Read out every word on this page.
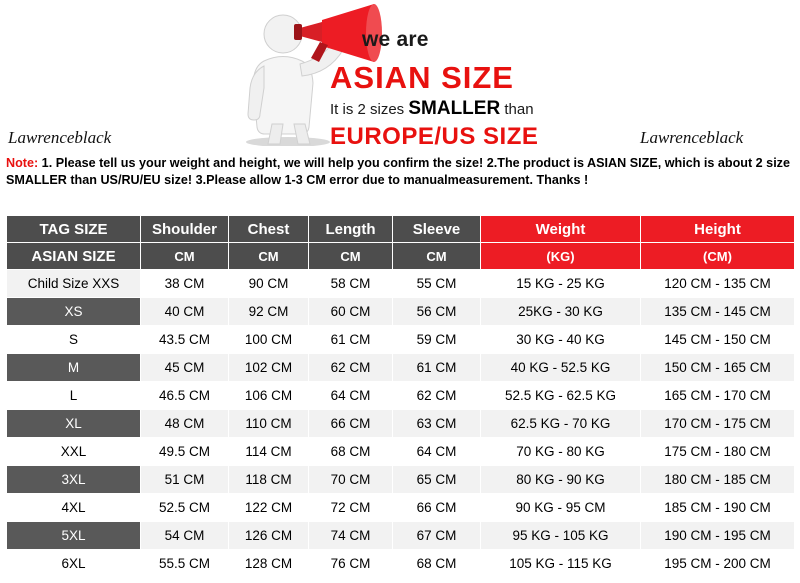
we are
ASIAN SIZE
It is 2 sizes SMALLER than
EUROPE/US SIZE
Lawrenceblack	Lawrenceblack
Note: 1. Please tell us your weight and height, we will help you confirm the size! 2.The product is ASIAN SIZE, which is about 2 size SMALLER than US/RU/EU size! 3.Please allow 1-3 CM error due to manualmeasurement. Thanks !
TAG SIZE	Shoulder	Chest	Length	Sleeve	Weight	Height
ASIAN SIZE	CM	CM	CM	CM	(KG)	(CM)
Child Size XXS	38 CM	90 CM	58 CM	55 CM	15 KG - 25 KG	120 CM - 135 CM
XS	40 CM	92 CM	60 CM	56 CM	25KG - 30 KG	135 CM - 145 CM
S	43.5 CM	100 CM	61 CM	59 CM	30 KG - 40 KG	145 CM - 150 CM
M	45 CM	102 CM	62 CM	61 CM	40 KG - 52.5 KG	150 CM - 165 CM
L	46.5 CM	106 CM	64 CM	62 CM	52.5 KG - 62.5 KG	165 CM - 170 CM
XL	48 CM	110 CM	66 CM	63 CM	62.5 KG - 70 KG	170 CM - 175 CM
XXL	49.5 CM	114 CM	68 CM	64 CM	70 KG - 80 KG	175 CM - 180 CM
3XL	51 CM	118 CM	70 CM	65 CM	80 KG - 90 KG	180 CM - 185 CM
4XL	52.5 CM	122 CM	72 CM	66 CM	90 KG - 95 CM	185 CM - 190 CM
5XL	54 CM	126 CM	74 CM	67 CM	95 KG - 105 KG	190 CM - 195 CM
6XL	55.5 CM	128 CM	76 CM	68 CM	105 KG - 115 KG	195 CM - 200 CM
